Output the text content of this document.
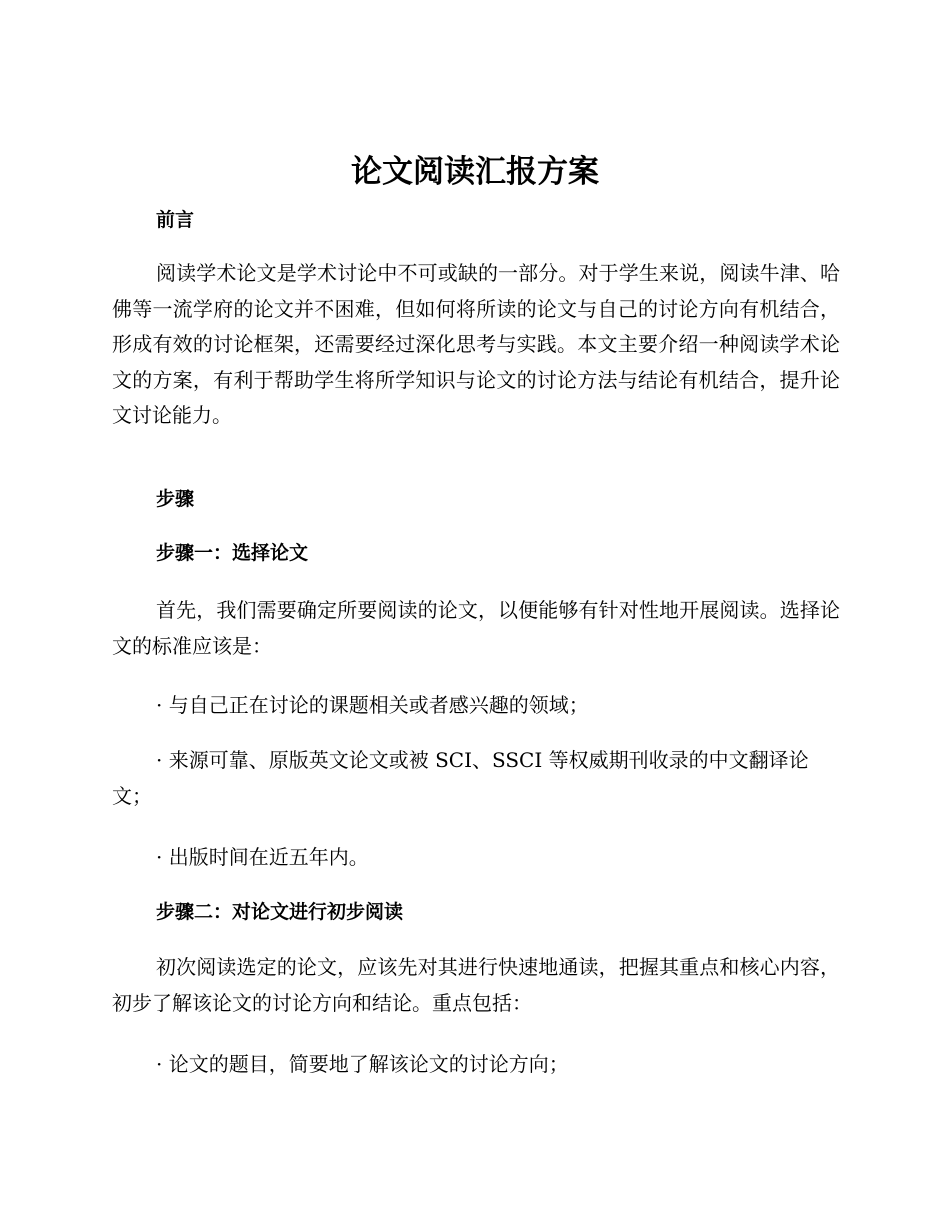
论文阅读汇报方案
前言

阅读学术论文是学术讨论中不可或缺的一部分。对于学生来说，阅读牛津、哈佛等一流学府的论文并不困难，但如何将所读的论文与自己的讨论方向有机结合，形成有效的讨论框架，还需要经过深化思考与实践。本文主要介绍一种阅读学术论文的方案，有利于帮助学生将所学知识与论文的讨论方法与结论有机结合，提升论文讨论能力。

步骤
步骤一：选择论文

首先，我们需要确定所要阅读的论文，以便能够有针对性地开展阅读。选择论文的标准应该是：

· 与自己正在讨论的课题相关或者感兴趣的领域；

· 来源可靠、原版英文论文或被 SCI、SSCI 等权威期刊收录的中文翻译论文；

· 出版时间在近五年内。

步骤二：对论文进行初步阅读

初次阅读选定的论文，应该先对其进行快速地通读，把握其重点和核心内容，初步了解该论文的讨论方向和结论。重点包括：

· 论文的题目，简要地了解该论文的讨论方向；
